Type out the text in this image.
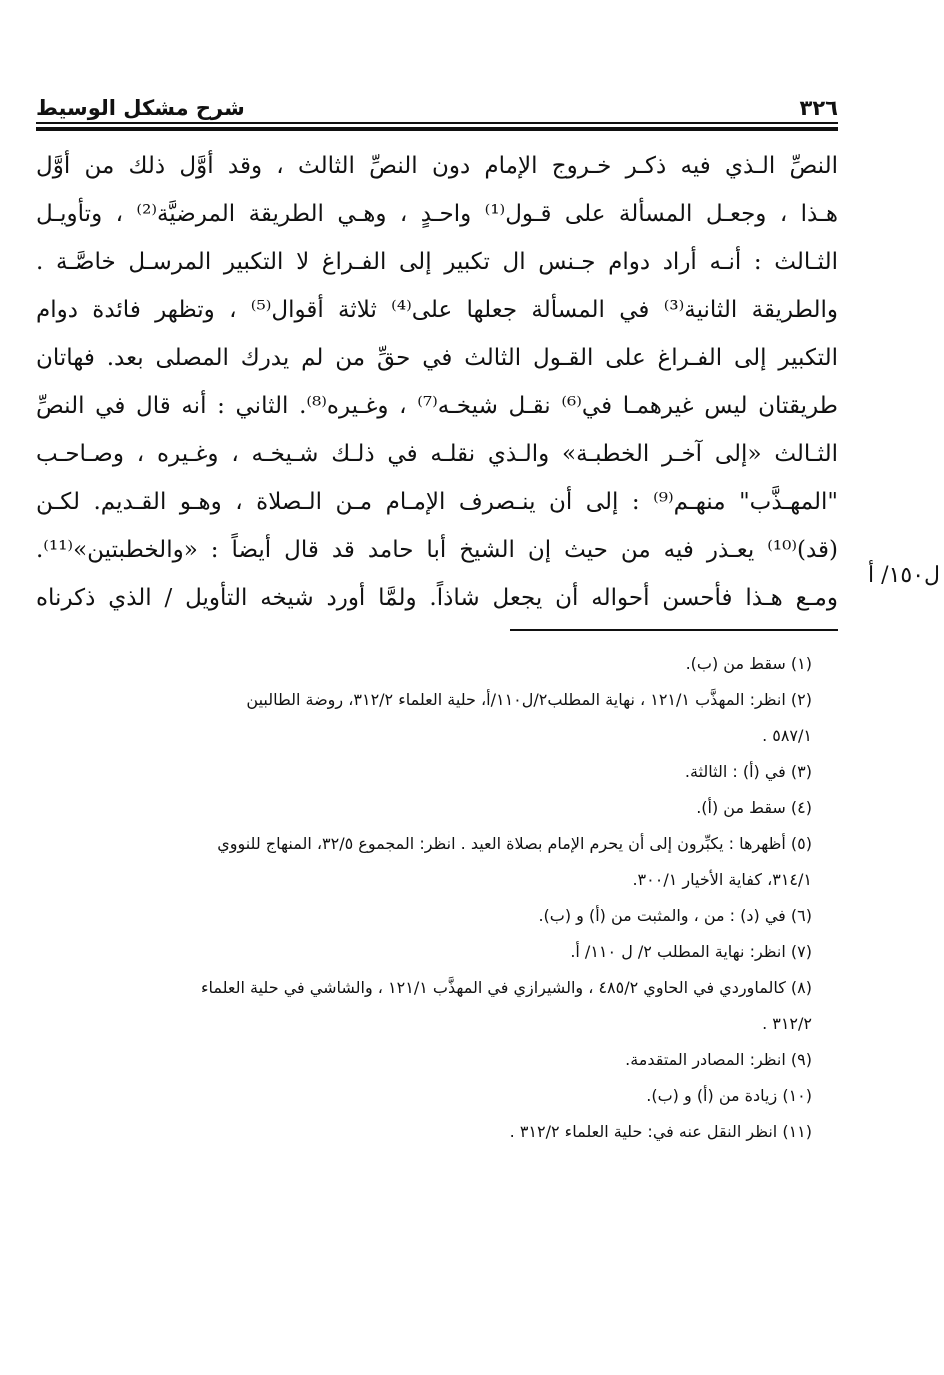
٣٢٦
شرح مشكل الوسيط
النصِّ الـذي فيه ذكـر خـروج الإمام دون النصِّ الثالث ، وقد أوَّل ذلك من أوَّل
هـذا ، وجعـل المسألة على قـول⁽¹⁾ واحـدٍ ، وهـي الطريقة المرضيَّة⁽²⁾ ، وتأويـل
الثـالث : أنـه أراد دوام جـنس ال تكبير إلى الفـراغ لا التكبير المرسـل خاصَّـة .
والطريقة الثانية⁽³⁾ في المسألة جعلها على⁽⁴⁾ ثلاثة أقوال⁽⁵⁾ ، وتظهر فائدة دوام
التكبير إلى الفـراغ على القـول الثالث في حقِّ من لم يدرك المصلى بعد. فهاتان
طريقتان ليس غيرهمـا في⁽⁶⁾ نقـل شيخـه⁽⁷⁾ ، وغـيره⁽⁸⁾. الثاني : أنه قال في النصِّ
الثـالث «إلى آخـر الخطبـة» والـذي نقلـه في ذلـك شـيخـه ، وغـيره ، وصـاحـب
"المهـذَّب" منهـم⁽⁹⁾ : إلى أن ينـصرف الإمـام مـن الـصلاة ، وهـو القـديم. لكـن
(قد)⁽¹⁰⁾ يعـذر فيه من حيث إن الشيخ أبا حامد قد قال أيضاً : «والخطبتين»⁽¹¹⁾.
ومـع هـذا فأحسن أحواله أن يجعل شاذاً. ولمَّا أورد شيخه التأويل / الذي ذكرناه
ل١٥٠/ أ
(١) سقط من (ب).
(٢) انظر: المهذَّب ١٢١/١ ، نهاية المطلب٢/ل١١٠/أ، حلية العلماء ٣١٢/٢، روضة الطالبين
٥٨٧/١ .
(٣) في (أ) : الثالثة.
(٤) سقط من (أ).
(٥) أظهرها : يكبِّرون إلى أن يحرم الإمام بصلاة العيد . انظر: المجموع ٣٢/٥، المنهاج للنووي
٣١٤/١، كفاية الأخيار ٣٠٠/١.
(٦) في (د) : من ، والمثبت من (أ) و (ب).
(٧) انظر: نهاية المطلب ٢/ ل ١١٠/ أ.
(٨) كالماوردي في الحاوي ٤٨٥/٢ ، والشيرازي في المهذَّب ١٢١/١ ، والشاشي في حلية العلماء
٣١٢/٢ .
(٩) انظر: المصادر المتقدمة.
(١٠) زيادة من (أ) و (ب).
(١١) انظر النقل عنه في: حلية العلماء ٣١٢/٢ .
